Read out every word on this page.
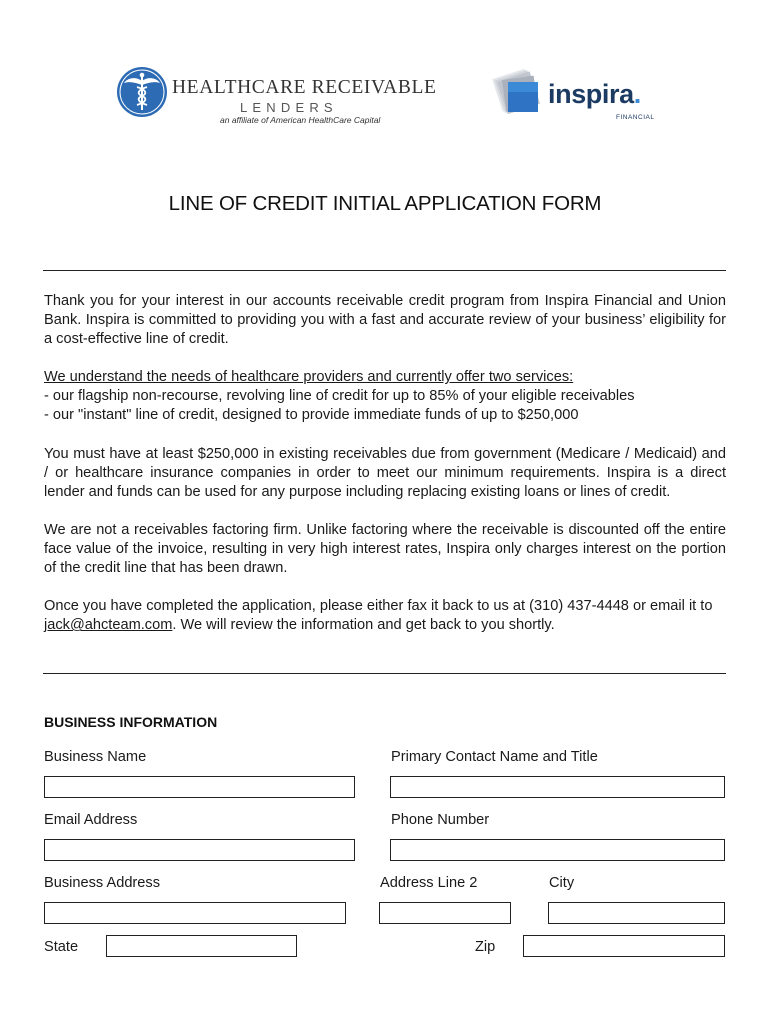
HEALTHCARE RECEIVABLE
LENDERS
an affiliate of American HealthCare Capital
inspira.
FINANCIAL
LINE OF CREDIT INITIAL APPLICATION FORM

Thank you for your interest in our accounts receivable credit program from Inspira Financial and Union Bank. Inspira is committed to providing you with a fast and accurate review of your business’ eligibility for a cost-effective line of credit.

We understand the needs of healthcare providers and currently offer two services:
- our flagship non-recourse, revolving line of credit for up to 85% of your eligible receivables
- our "instant" line of credit, designed to provide immediate funds of up to $250,000

You must have at least $250,000 in existing receivables due from government (Medicare / Medicaid) and / or healthcare insurance companies in order to meet our minimum requirements. Inspira is a direct lender and funds can be used for any purpose including replacing existing loans or lines of credit.

We are not a receivables factoring firm. Unlike factoring where the receivable is discounted off the entire face value of the invoice, resulting in very high interest rates, Inspira only charges interest on the portion of the credit line that has been drawn.

Once you have completed the application, please either fax it back to us at (310) 437-4448 or email it to jack@ahcteam.com. We will review the information and get back to you shortly.

BUSINESS INFORMATION
Business Name	Primary Contact Name and Title
Email Address	Phone Number
Business Address	Address Line 2	City
State	Zip
